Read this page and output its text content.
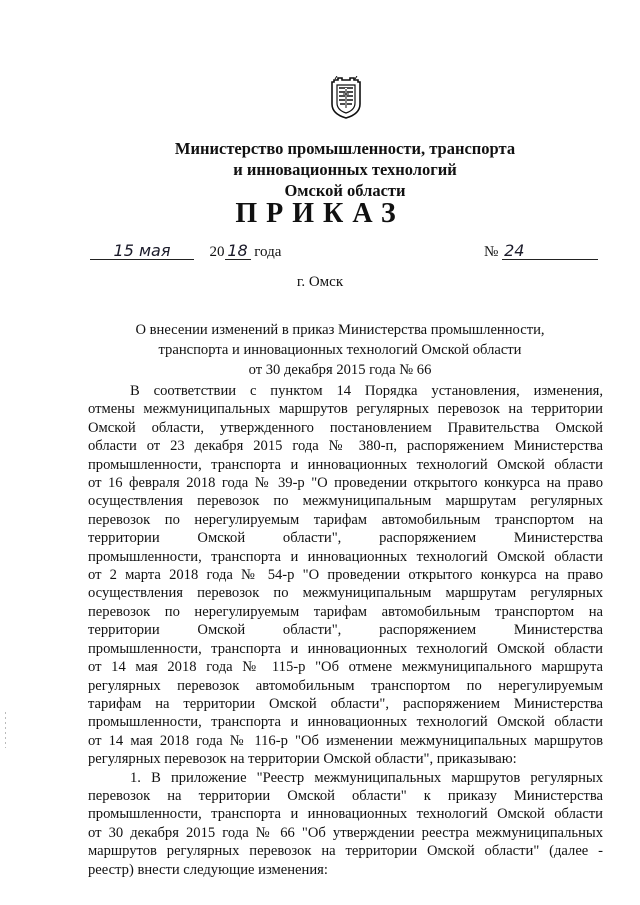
Министерство промышленности, транспорта
и инновационных технологий
Омской области
ПРИКАЗ
15 мая	20 18 года	№ 24
г. Омск
О внесении изменений в приказ Министерства промышленности,
транспорта и инновационных технологий Омской области
от 30 декабря 2015 года № 66
В соответствии с пунктом 14 Порядка установления, изменения,
отмены межмуниципальных маршрутов регулярных перевозок на территории
Омской области, утвержденного постановлением Правительства Омской
области от 23 декабря 2015 года № 380-п, распоряжением Министерства
промышленности, транспорта и инновационных технологий Омской области
от 16 февраля 2018 года № 39-р "О проведении открытого конкурса на право
осуществления перевозок по межмуниципальным маршрутам регулярных
перевозок по нерегулируемым тарифам автомобильным транспортом на
территории Омской области", распоряжением Министерства
промышленности, транспорта и инновационных технологий Омской области
от 2 марта 2018 года № 54-р "О проведении открытого конкурса на право
осуществления перевозок по межмуниципальным маршрутам регулярных
перевозок по нерегулируемым тарифам автомобильным транспортом на
территории Омской области", распоряжением Министерства
промышленности, транспорта и инновационных технологий Омской области
от 14 мая 2018 года № 115-р "Об отмене межмуниципального маршрута
регулярных перевозок автомобильным транспортом по нерегулируемым
тарифам на территории Омской области", распоряжением Министерства
промышленности, транспорта и инновационных технологий Омской области
от 14 мая 2018 года № 116-р "Об изменении межмуниципальных маршрутов
регулярных перевозок на территории Омской области", приказываю:
1. В приложение "Реестр межмуниципальных маршрутов регулярных
перевозок на территории Омской области" к приказу Министерства
промышленности, транспорта и инновационных технологий Омской области
от 30 декабря 2015 года № 66 "Об утверждении реестра межмуниципальных
маршрутов регулярных перевозок на территории Омской области" (далее -
реестр) внести следующие изменения:
